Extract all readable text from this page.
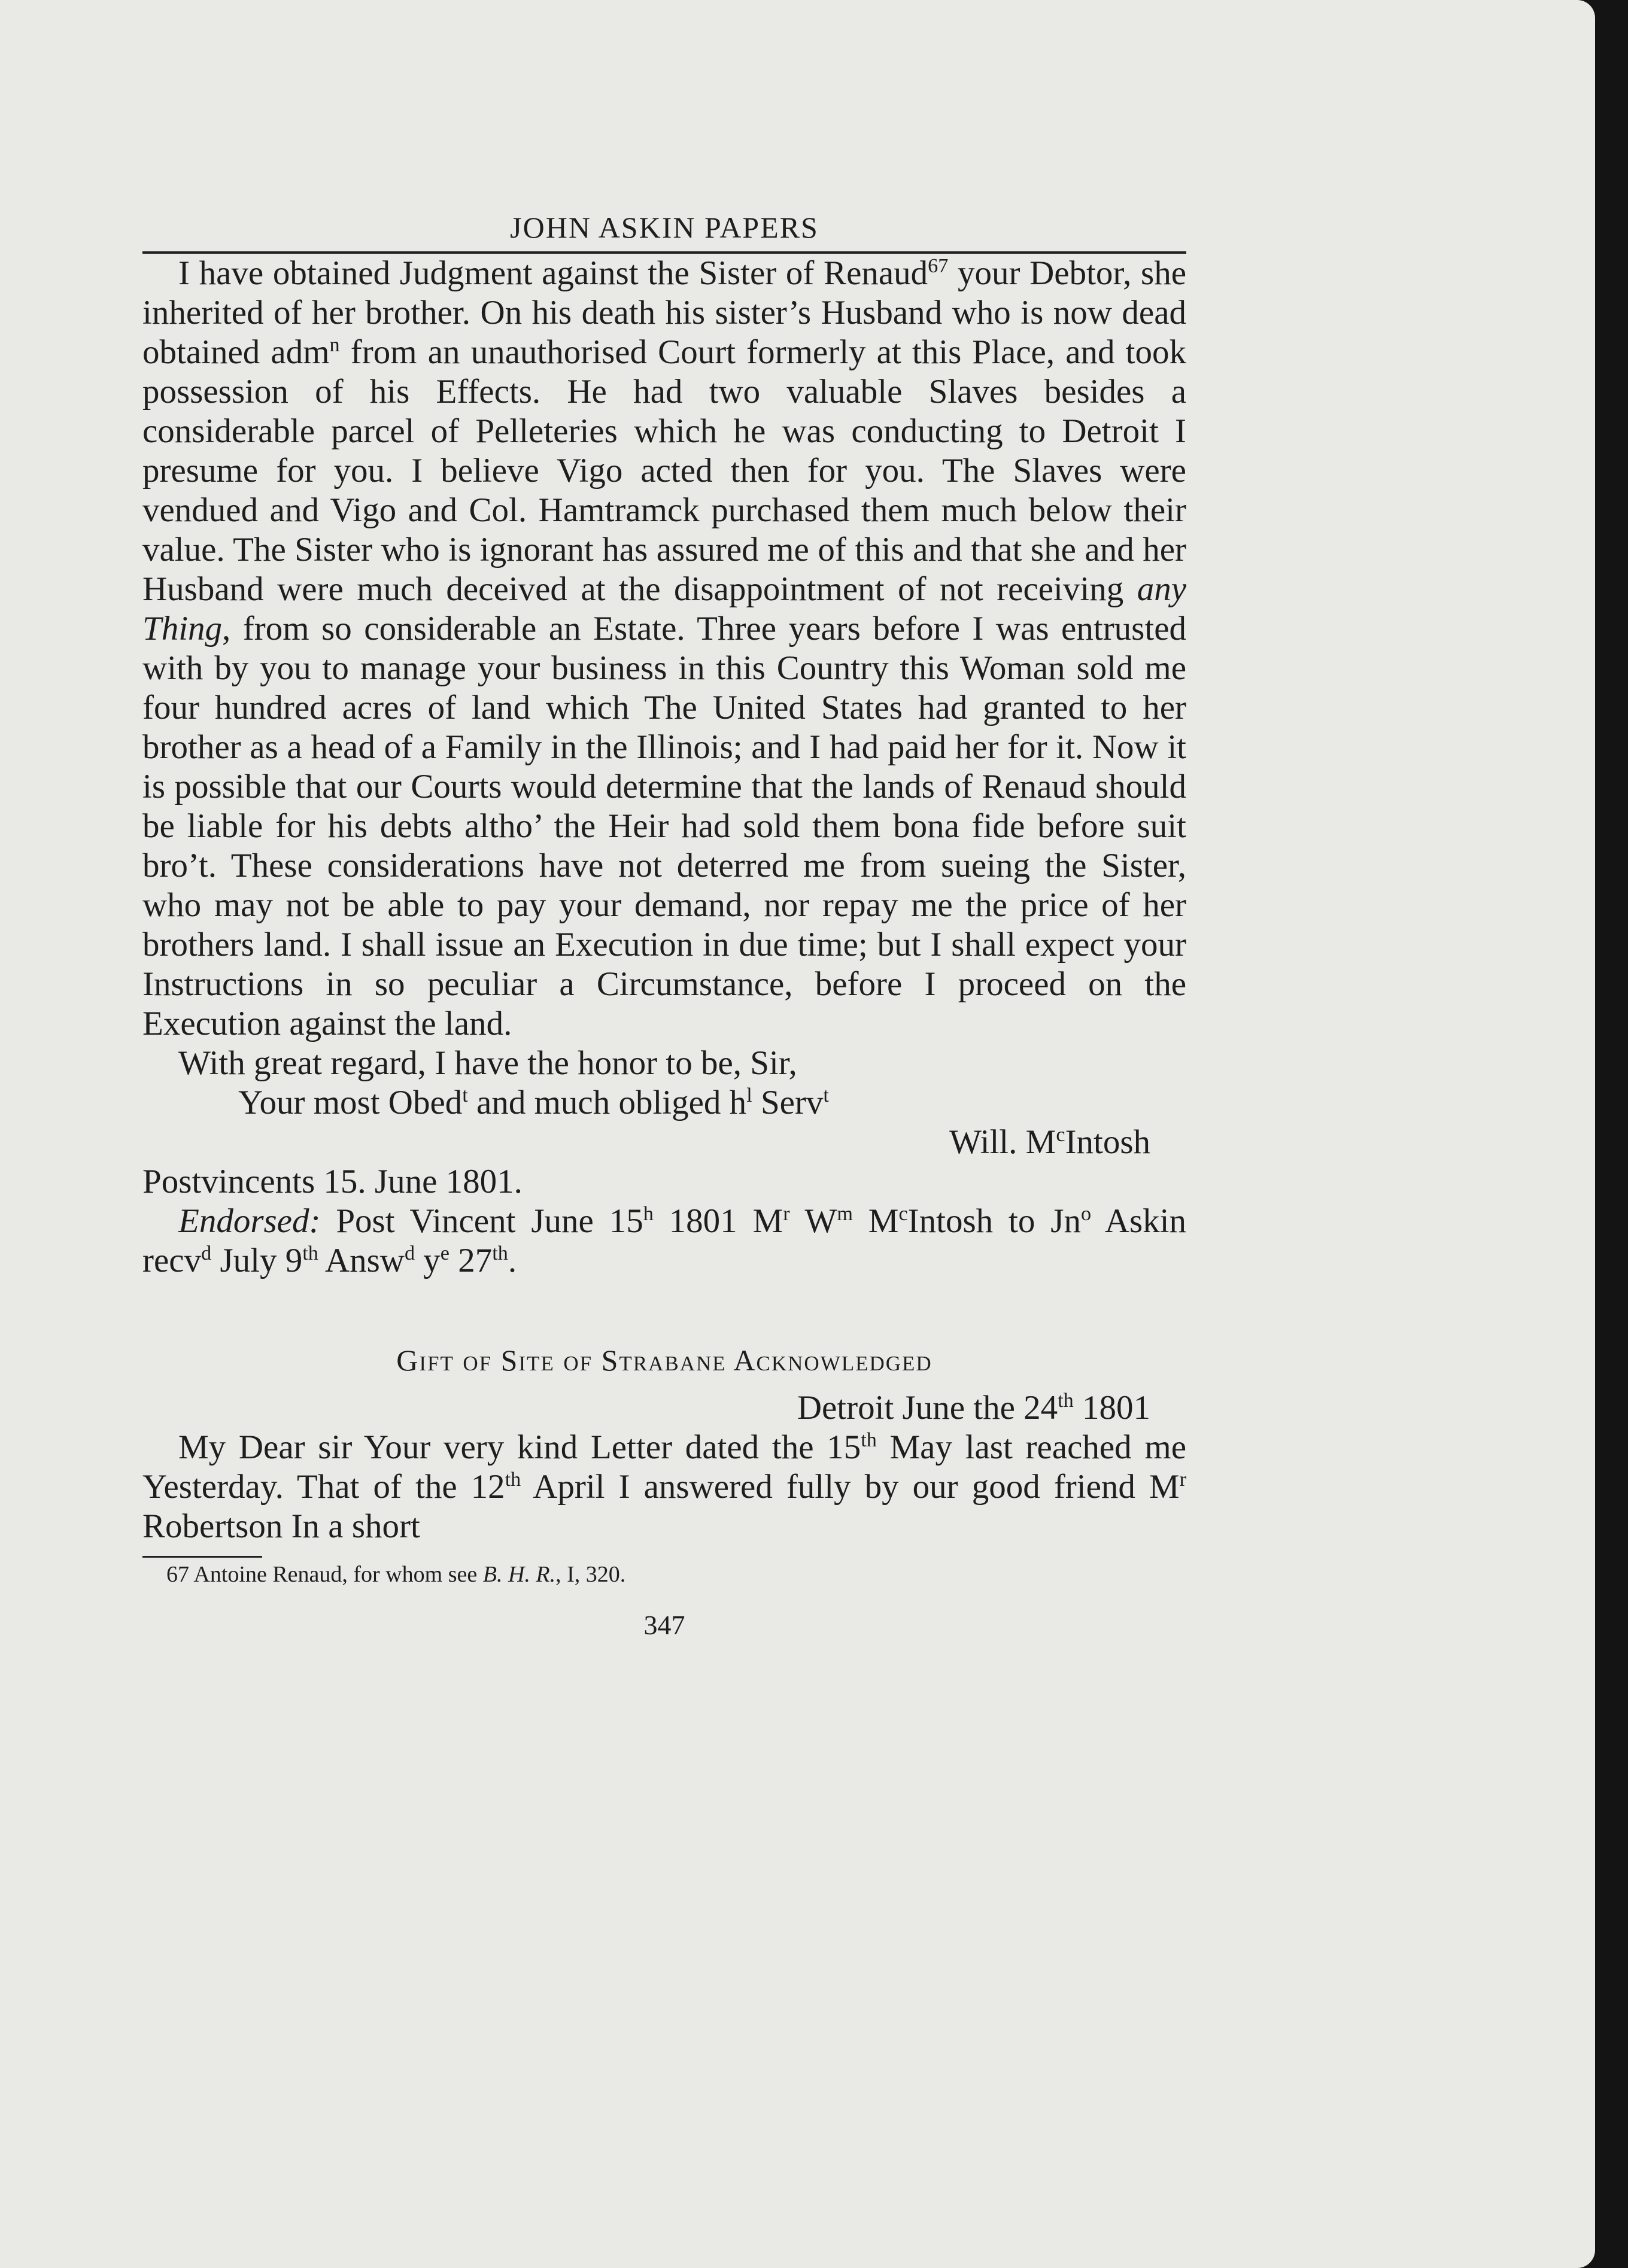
JOHN ASKIN PAPERS

I have obtained Judgment against the Sister of Renaud$^{67}$ your Debtor, she inherited of her brother. On his death his sister’s Husband who is now dead obtained adm$^n$ from an unauthorised Court formerly at this Place, and took possession of his Effects. He had two valuable Slaves besides a considerable parcel of Pelleteries which he was conducting to Detroit I presume for you. I believe Vigo acted then for you. The Slaves were vendued and Vigo and Col. Hamtramck purchased them much below their value. The Sister who is ignorant has assured me of this and that she and her Husband were much deceived at the disappointment of not receiving any Thing, from so considerable an Estate. Three years before I was entrusted with by you to manage your business in this Country this Woman sold me four hundred acres of land which The United States had granted to her brother as a head of a Family in the Illinois; and I had paid her for it. Now it is possible that our Courts would determine that the lands of Renaud should be liable for his debts altho’ the Heir had sold them bona fide before suit bro’t. These considerations have not deterred me from sueing the Sister, who may not be able to pay your demand, nor repay me the price of her brothers land. I shall issue an Execution in due time; but I shall expect your Instructions in so peculiar a Circumstance, before I proceed on the Execution against the land.

With great regard, I have the honor to be, Sir,

Your most Obed$^t$ and much obliged $h^l$ Serv$^t$

Will. $M^cIntosh$

Postvincents 15. June 1801.

Endorsed: Post Vincent June 15$^h$ 1801 $M^r$ $W^m$ $M^cIntosh$ to Jn$^o$ Askin recv$^d$ July 9th Answ$^d$ $y^e$ 27th.

Gift of Site of Strabane Acknowledged

Detroit June the 24th 1801

My Dear sir Your very kind Letter dated the 15th May last reached me Yesterday. That of the 12th April I answered fully by our good friend $M^r$ Robertson In a short

67 Antoine Renaud, for whom see B. H. R., I, 320.
347
